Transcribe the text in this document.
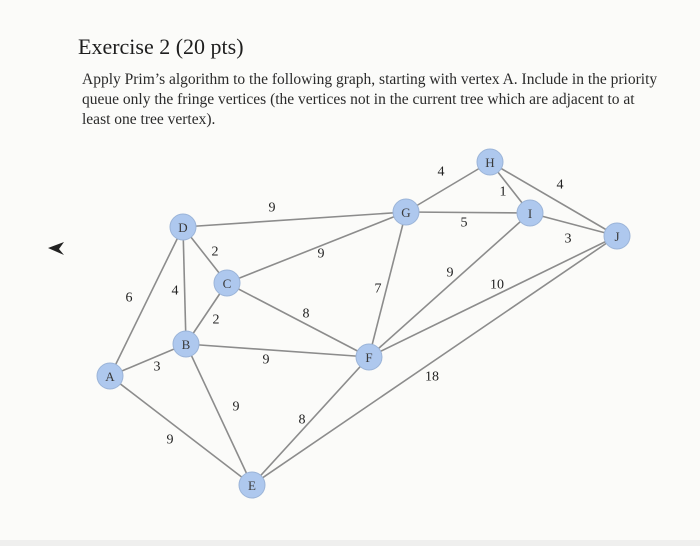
Exercise 2 (20 pts)
Apply Prim’s algorithm to the following graph, starting with vertex A. Include in the priority
queue only the fringe vertices (the vertices not in the current tree which are adjacent to at
least one tree vertex).
6
3
9
4
2
9
2
9
8
9
9
8
7
9
10
18
4
5
1	4
3
A
B
C
D
E
F
G
H
I
J
